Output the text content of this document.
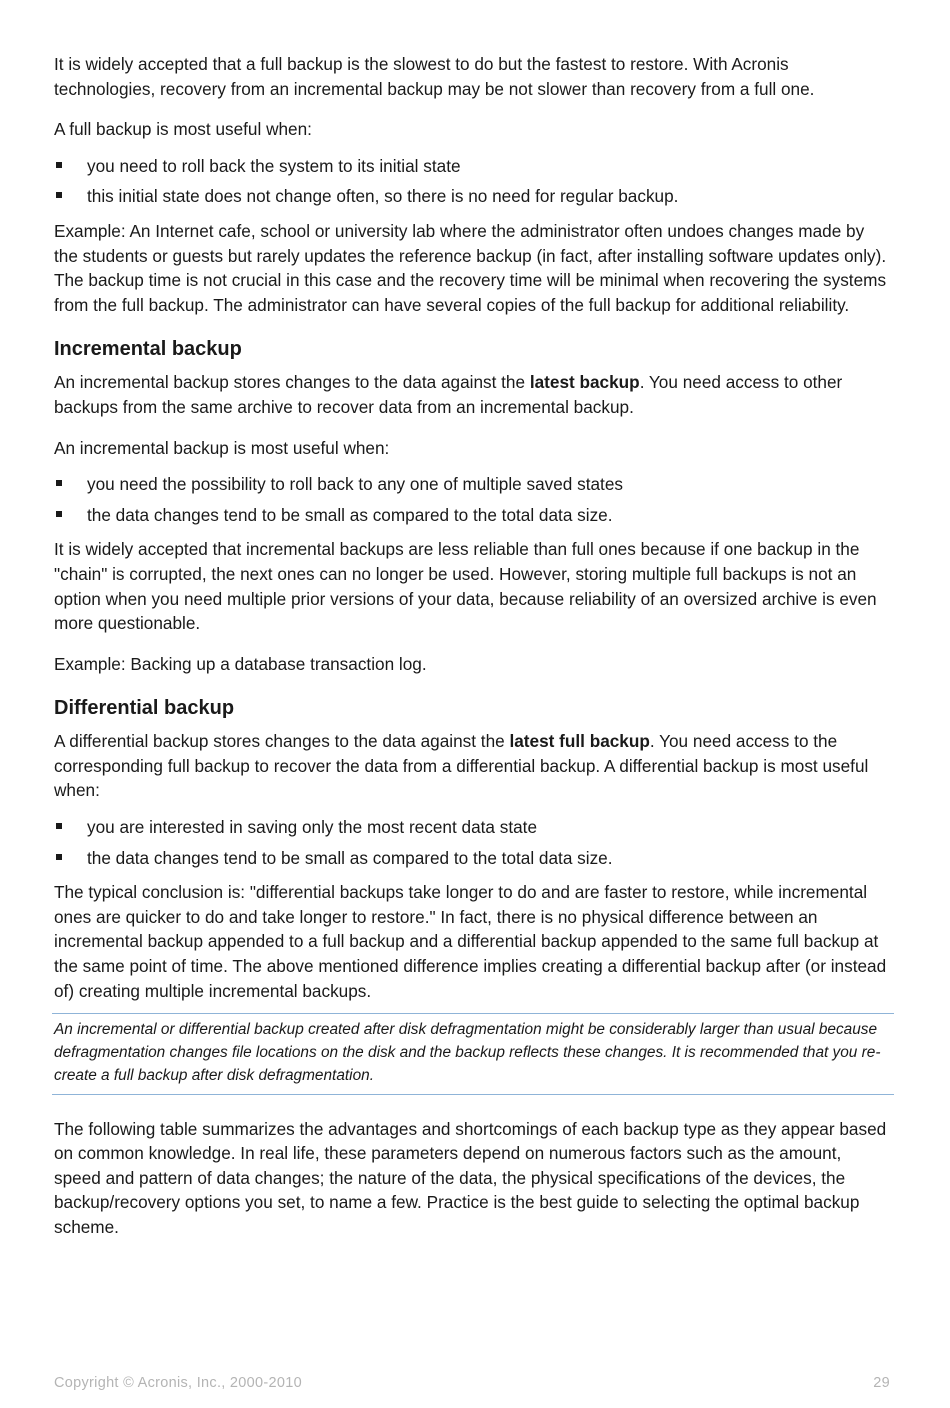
It is widely accepted that a full backup is the slowest to do but the fastest to restore. With Acronis technologies, recovery from an incremental backup may be not slower than recovery from a full one.

A full backup is most useful when:

you need to roll back the system to its initial state
this initial state does not change often, so there is no need for regular backup.

Example: An Internet cafe, school or university lab where the administrator often undoes changes made by the students or guests but rarely updates the reference backup (in fact, after installing software updates only). The backup time is not crucial in this case and the recovery time will be minimal when recovering the systems from the full backup. The administrator can have several copies of the full backup for additional reliability.

Incremental backup

An incremental backup stores changes to the data against the latest backup. You need access to other backups from the same archive to recover data from an incremental backup.

An incremental backup is most useful when:

you need the possibility to roll back to any one of multiple saved states
the data changes tend to be small as compared to the total data size.

It is widely accepted that incremental backups are less reliable than full ones because if one backup in the "chain" is corrupted, the next ones can no longer be used. However, storing multiple full backups is not an option when you need multiple prior versions of your data, because reliability of an oversized archive is even more questionable.

Example: Backing up a database transaction log.

Differential backup

A differential backup stores changes to the data against the latest full backup. You need access to the corresponding full backup to recover the data from a differential backup. A differential backup is most useful when:

you are interested in saving only the most recent data state
the data changes tend to be small as compared to the total data size.

The typical conclusion is: "differential backups take longer to do and are faster to restore, while incremental ones are quicker to do and take longer to restore." In fact, there is no physical difference between an incremental backup appended to a full backup and a differential backup appended to the same full backup at the same point of time. The above mentioned difference implies creating a differential backup after (or instead of) creating multiple incremental backups.

An incremental or differential backup created after disk defragmentation might be considerably larger than usual because defragmentation changes file locations on the disk and the backup reflects these changes. It is recommended that you re-create a full backup after disk defragmentation.

The following table summarizes the advantages and shortcomings of each backup type as they appear based on common knowledge. In real life, these parameters depend on numerous factors such as the amount, speed and pattern of data changes; the nature of the data, the physical specifications of the devices, the backup/recovery options you set, to name a few. Practice is the best guide to selecting the optimal backup scheme.

Copyright © Acronis, Inc., 2000-2010	29
